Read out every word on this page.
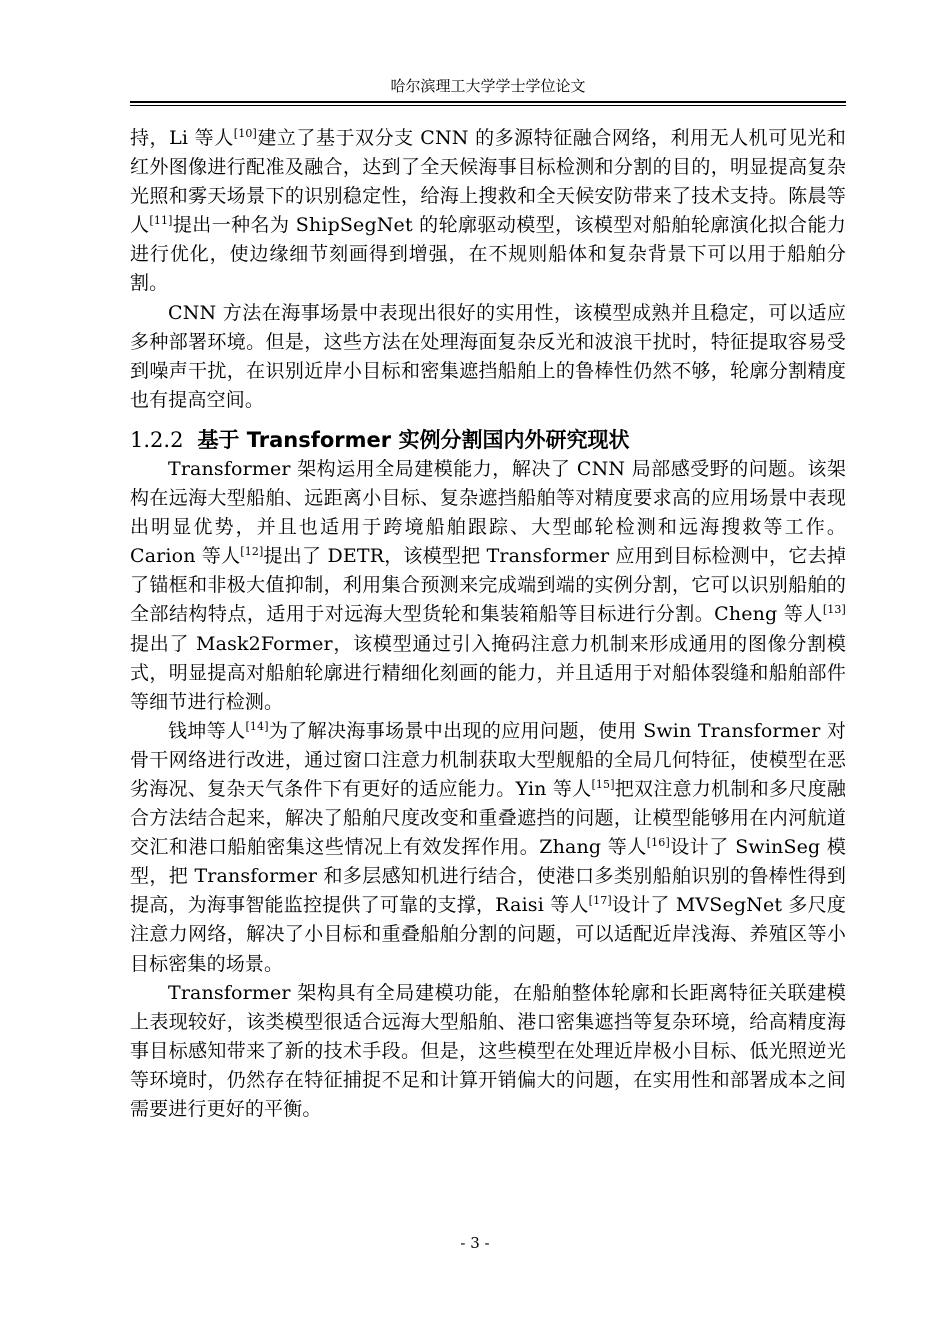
哈尔滨理工大学学士学位论文

持，Li 等人[10]建立了基于双分支 CNN 的多源特征融合网络，利用无人机可见光和红外图像进行配准及融合，达到了全天候海事目标检测和分割的目的，明显提高复杂光照和雾天场景下的识别稳定性，给海上搜救和全天候安防带来了技术支持。陈晨等人[11]提出一种名为 ShipSegNet 的轮廓驱动模型，该模型对船舶轮廓演化拟合能力进行优化，使边缘细节刻画得到增强，在不规则船体和复杂背景下可以用于船舶分割。

CNN 方法在海事场景中表现出很好的实用性，该模型成熟并且稳定，可以适应多种部署环境。但是，这些方法在处理海面复杂反光和波浪干扰时，特征提取容易受到噪声干扰，在识别近岸小目标和密集遮挡船舶上的鲁棒性仍然不够，轮廓分割精度也有提高空间。

1.2.2 基于 Transformer 实例分割国内外研究现状

Transformer 架构运用全局建模能力，解决了 CNN 局部感受野的问题。该架构在远海大型船舶、远距离小目标、复杂遮挡船舶等对精度要求高的应用场景中表现出明显优势，并且也适用于跨境船舶跟踪、大型邮轮检测和远海搜救等工作。Carion 等人[12]提出了 DETR，该模型把 Transformer 应用到目标检测中，它去掉了锚框和非极大值抑制，利用集合预测来完成端到端的实例分割，它可以识别船舶的全部结构特点，适用于对远海大型货轮和集装箱船等目标进行分割。Cheng 等人[13]提出了 Mask2Former，该模型通过引入掩码注意力机制来形成通用的图像分割模式，明显提高对船舶轮廓进行精细化刻画的能力，并且适用于对船体裂缝和船舶部件等细节进行检测。

钱坤等人[14]为了解决海事场景中出现的应用问题，使用 Swin Transformer 对骨干网络进行改进，通过窗口注意力机制获取大型舰船的全局几何特征，使模型在恶劣海况、复杂天气条件下有更好的适应能力。Yin 等人[15]把双注意力机制和多尺度融合方法结合起来，解决了船舶尺度改变和重叠遮挡的问题，让模型能够用在内河航道交汇和港口船舶密集这些情况上有效发挥作用。Zhang 等人[16]设计了 SwinSeg 模型，把 Transformer 和多层感知机进行结合，使港口多类别船舶识别的鲁棒性得到提高，为海事智能监控提供了可靠的支撑，Raisi 等人[17]设计了 MVSegNet 多尺度注意力网络，解决了小目标和重叠船舶分割的问题，可以适配近岸浅海、养殖区等小目标密集的场景。

Transformer 架构具有全局建模功能，在船舶整体轮廓和长距离特征关联建模上表现较好，该类模型很适合远海大型船舶、港口密集遮挡等复杂环境，给高精度海事目标感知带来了新的技术手段。但是，这些模型在处理近岸极小目标、低光照逆光等环境时，仍然存在特征捕捉不足和计算开销偏大的问题，在实用性和部署成本之间需要进行更好的平衡。

- 3 -
